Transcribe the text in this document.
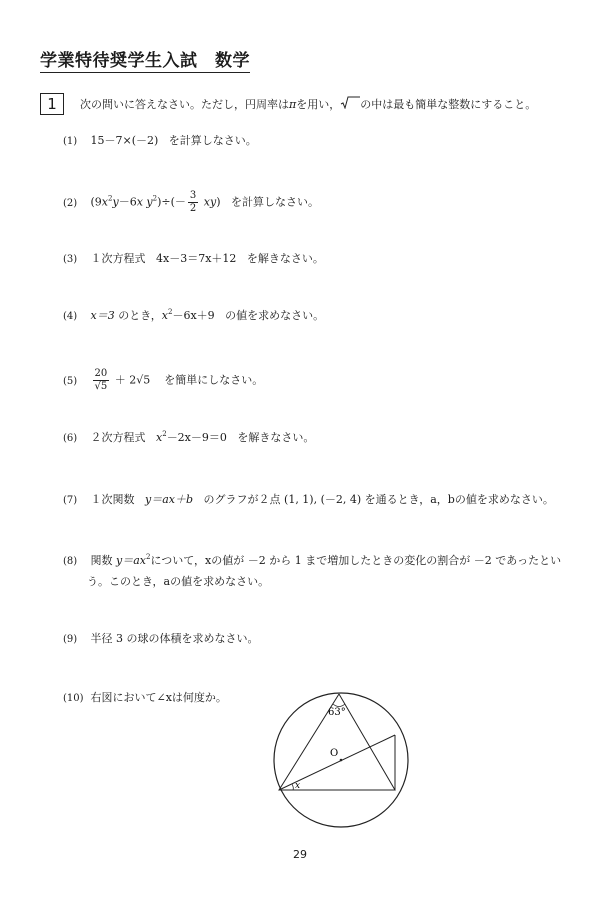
学業特待奨学生入試　数学
1	次の問いに答えなさい。ただし，円周率はπを用い， の中は最も簡単な整数にすること。
(1) 15－7×(－2) を計算しなさい。
(2) ($9x^2y-6x$ $y^2)\div(- \frac{3}{2} xy)$ を計算しなさい。
(3) １次方程式 4x－3＝7x＋12 を解きなさい。
(4) x＝3 のとき，$x^2-6x+9$ の値を求めなさい。
$(5) \frac{20}{√5} + 2√5$ を簡単にしなさい。
(6) ２次方程式 $x^2-2x-9=0$ を解きなさい。
(7) １次関数 y＝ax＋b のグラフが２点 (1, 1), (－2, 4) を通るとき，a，bの値を求めなさい。
(8) 関数 $y=ax^2$について，xの値が －2 から 1 まで増加したときの変化の割合が －2 であったとい
う。このとき，aの値を求めなさい。
(9) 半径 3 の球の体積を求めなさい。
(10) 右図において∠xは何度か。
63°
O
x
29
